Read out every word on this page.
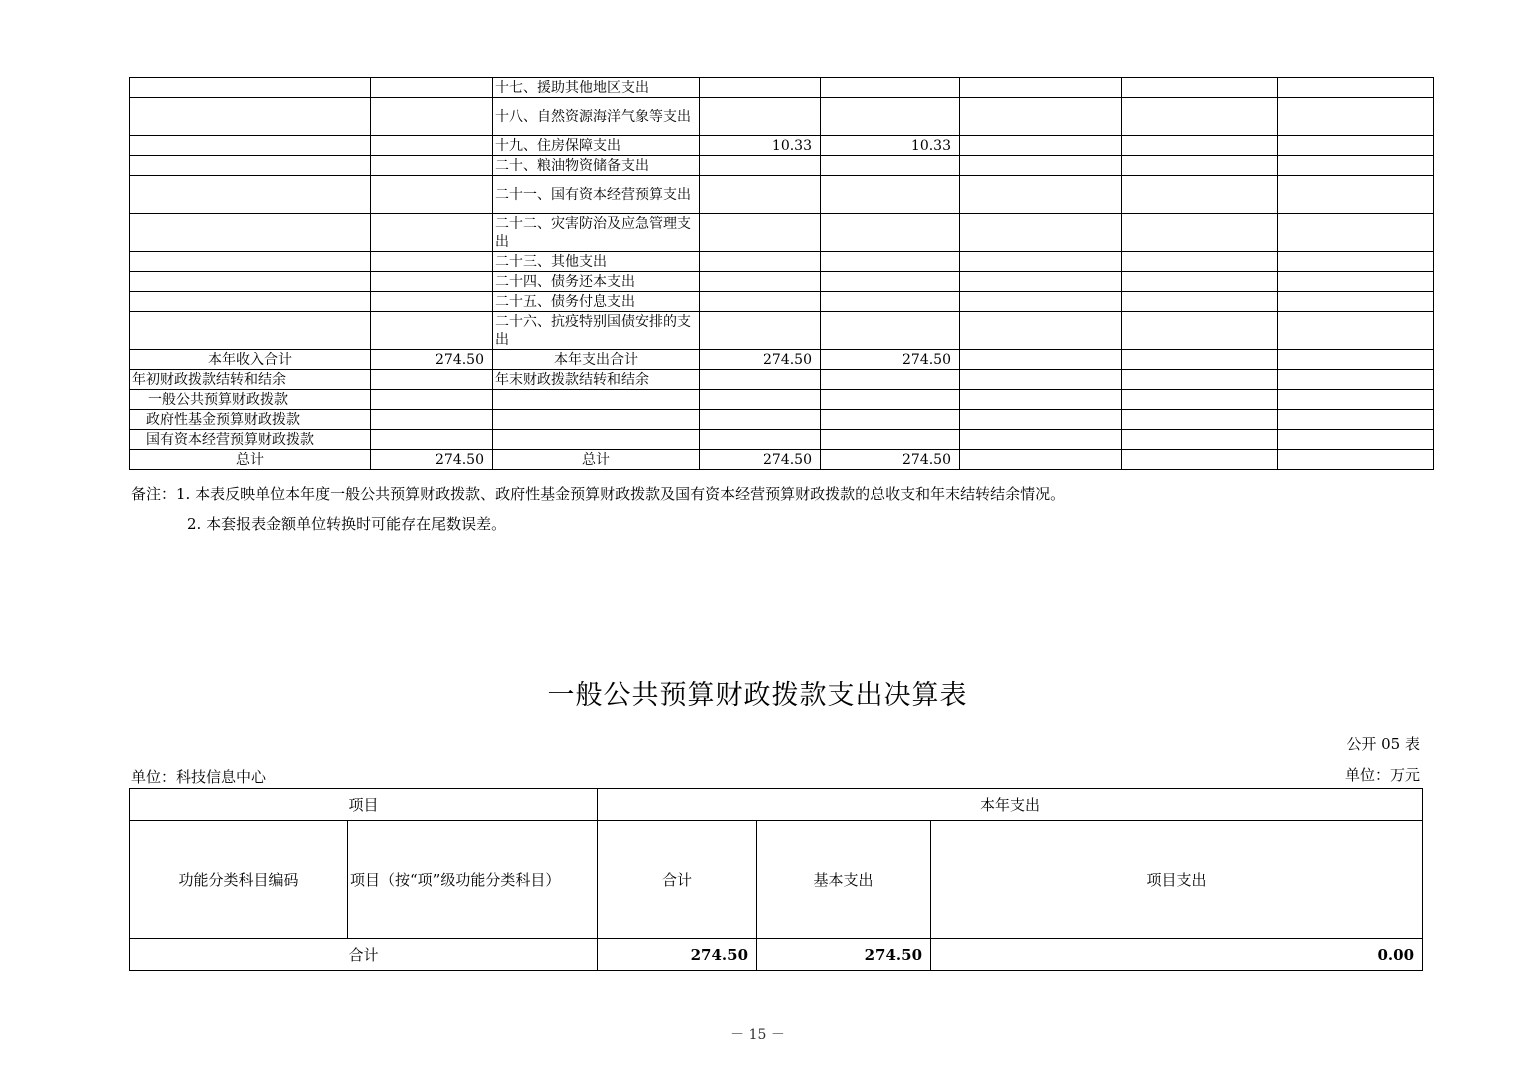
		十七、援助其他地区支出					
		十八、自然资源海洋气象等支出					
		十九、住房保障支出	10.33	10.33			
		二十、粮油物资储备支出					
		二十一、国有资本经营预算支出					
		二十二、灾害防治及应急管理支出					
		二十三、其他支出					
		二十四、债务还本支出					
		二十五、债务付息支出					
		二十六、抗疫特别国债安排的支出					
本年收入合计	274.50	本年支出合计	274.50	274.50			
年初财政拨款结转和结余		年末财政拨款结转和结余					
一般公共预算财政拨款							
政府性基金预算财政拨款							
国有资本经营预算财政拨款							
总计	274.50	总计	274.50	274.50			
备注：1. 本表反映单位本年度一般公共预算财政拨款、政府性基金预算财政拨款及国有资本经营预算财政拨款的总收支和年末结转结余情况。
2. 本套报表金额单位转换时可能存在尾数误差。
一般公共预算财政拨款支出决算表
公开 05 表
单位：科技信息中心	单位：万元
项目		本年支出		
功能分类科目编码	项目（按“项”级功能分类科目）	合计	基本支出	项目支出
合计		274.50	274.50	0.00
－ 15 －
